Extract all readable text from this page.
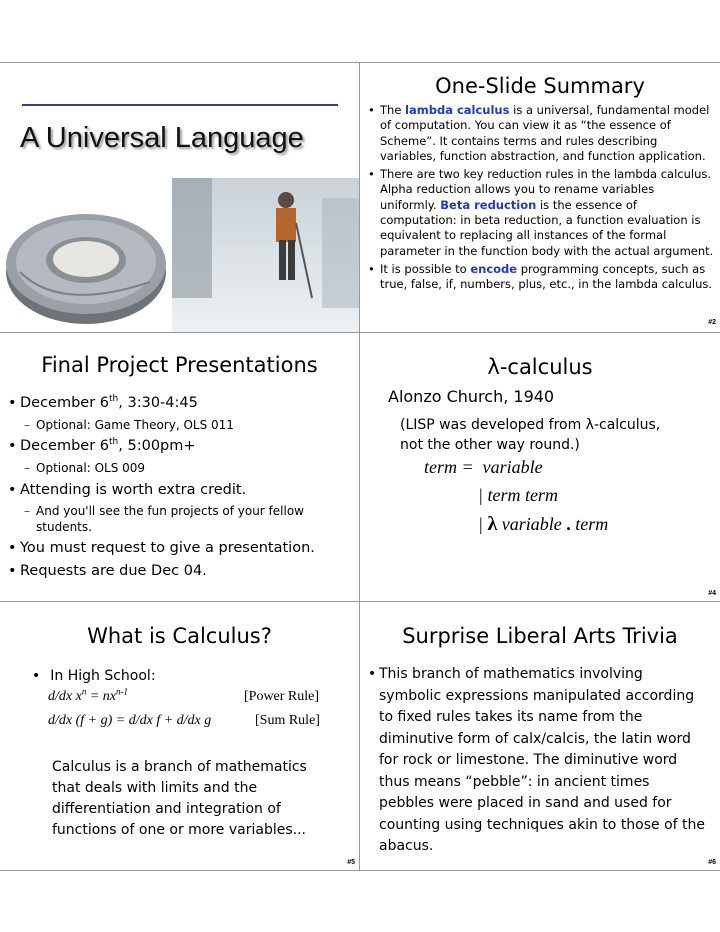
A Universal Language
One-Slide Summary
• The lambda calculus is a universal, fundamental model of computation. You can view it as “the essence of Scheme”. It contains terms and rules describing variables, function abstraction, and function application.
• There are two key reduction rules in the lambda calculus. Alpha reduction allows you to rename variables uniformly. Beta reduction is the essence of computation: in beta reduction, a function evaluation is equivalent to replacing all instances of the formal parameter in the function body with the actual argument.
• It is possible to encode programming concepts, such as true, false, if, numbers, plus, etc., in the lambda calculus.
#2
Final Project Presentations
• December 6th, 3:30-4:45
– Optional: Game Theory, OLS 011
• December 6th, 5:00pm+
– Optional: OLS 009
• Attending is worth extra credit.
– And you'll see the fun projects of your fellow
students.
• You must request to give a presentation.
• Requests are due Dec 04.
λ-calculus
Alonzo Church, 1940
(LISP was developed from λ-calculus,
not the other way round.)
term = variable
| term term
| λ variable . term
#4
What is Calculus?
• In High School:
d/dx $x^n = nx^{n-1}$	[Power Rule]
d/dx (f + g) = d/dx f + d/dx g	[Sum Rule]
Calculus is a branch of mathematics
that deals with limits and the
differentiation and integration of
functions of one or more variables...
#5
Surprise Liberal Arts Trivia
• This branch of mathematics involving
symbolic expressions manipulated according
to fixed rules takes its name from the
diminutive form of calx/calcis, the latin word
for rock or limestone. The diminutive word
thus means “pebble”: in ancient times
pebbles were placed in sand and used for
counting using techniques akin to those of the
abacus.
#6
